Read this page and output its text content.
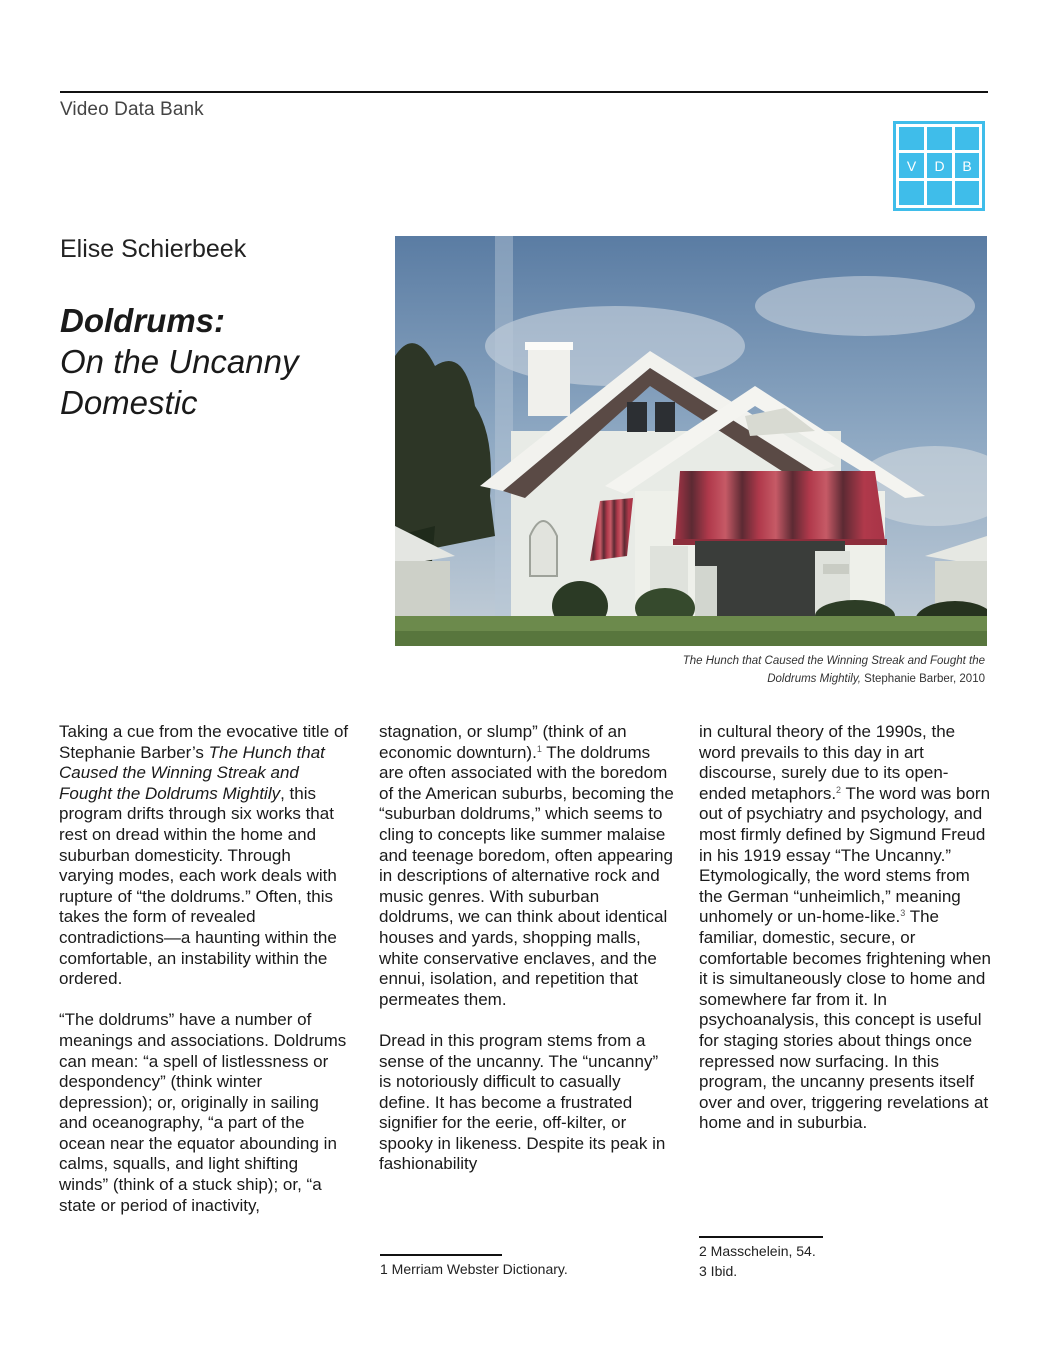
Video Data Bank
V D B
Elise Schierbeek
Doldrums:
On the Uncanny
Domestic
The Hunch that Caused the Winning Streak and Fought the
Doldrums Mightily, Stephanie Barber, 2010

Taking a cue from the evocative title of Stephanie Barber’s The Hunch that Caused the Winning Streak and Fought the Doldrums Mightily, this program drifts through six works that rest on dread within the home and suburban domesticity. Through varying modes, each work deals with rupture of “the doldrums.” Often, this takes the form of revealed contradictions—a haunting within the comfortable, an instability within the ordered.

“The doldrums” have a number of meanings and associations. Doldrums can mean: “a spell of listlessness or despondency” (think winter depression); or, originally in sailing and oceanography, “a part of the ocean near the equator abounding in calms, squalls, and light shifting winds” (think of a stuck ship); or, “a state or period of inactivity,

stagnation, or slump” (think of an economic downturn).$^1$ The doldrums are often associated with the boredom of the American suburbs, becoming the “suburban doldrums,” which seems to cling to concepts like summer malaise and teenage boredom, often appearing in descriptions of alternative rock and music genres. With suburban doldrums, we can think about identical houses and yards, shopping malls, white conservative enclaves, and the ennui, isolation, and repetition that permeates them.

Dread in this program stems from a sense of the uncanny. The “uncanny” is notoriously difficult to casually define. It has become a frustrated signifier for the eerie, off-kilter, or spooky in likeness. Despite its peak in fashionability

in cultural theory of the 1990s, the word prevails to this day in art discourse, surely due to its open-ended metaphors.$^2$ The word was born out of psychiatry and psychology, and most firmly defined by Sigmund Freud in his 1919 essay “The Uncanny.” Etymologically, the word stems from the German “unheimlich,” meaning unhomely or un-home-like.$^3$ The familiar, domestic, secure, or comfortable becomes frightening when it is simultaneously close to home and somewhere far from it. In psychoanalysis, this concept is useful for staging stories about things once repressed now surfacing. In this program, the uncanny presents itself over and over, triggering revelations at home and in suburbia.

1 Merriam Webster Dictionary.
2 Masschelein, 54.
3 Ibid.
